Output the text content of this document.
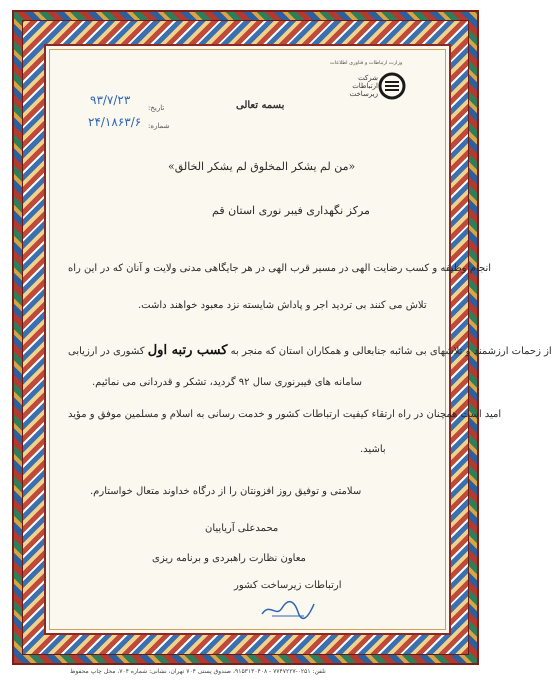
شرکت ارتباطات زیرساخت
وزارت ارتباطات و فناوری اطلاعات
بسمه تعالی
تاریخ:
شماره:
۹۳/۷/۲۳
۲۴/۱۸۶۳/۶
«من لم یشکر المخلوق لم یشکر الخالق»
مرکز نگهداری فیبر نوری استان قم
انجام وظیفه و کسب رضایت الهی در مسیر قرب الهی در هر جایگاهی مدنی ولایت و آنان که در این راه
تلاش می کنند بی تردید اجر و پاداش شایسته نزد معبود خواهند داشت.
از زحمات ارزشمند و تلاشهای بی شائبه جنابعالی و همکاران استان که منجر به کسب رتبه اول کشوری در ارزیابی
سامانه های فیبرنوری سال ۹۲ گردید، تشکر و قدردانی می نمائیم.
امید است همچنان در راه ارتقاء کیفیت ارتباطات کشور و خدمت رسانی به اسلام و مسلمین موفق و مؤید
باشید.
سلامتی و توفیق روز افزونتان را از درگاه خداوند متعال خواستارم.
محمدعلی آریاییان
معاون نظارت راهبردی و برنامه ریزی
ارتباطات زیرساخت کشور
تلفن: ۰۲۵۱-۷۷۴۷۲۲۷ - ۹۱۵۳۱۳۰۴۰۸، صندوق پستی ۷۰۴ تهران، نشانی: شماره ۷۰۴، محل چاپ محفوظ
